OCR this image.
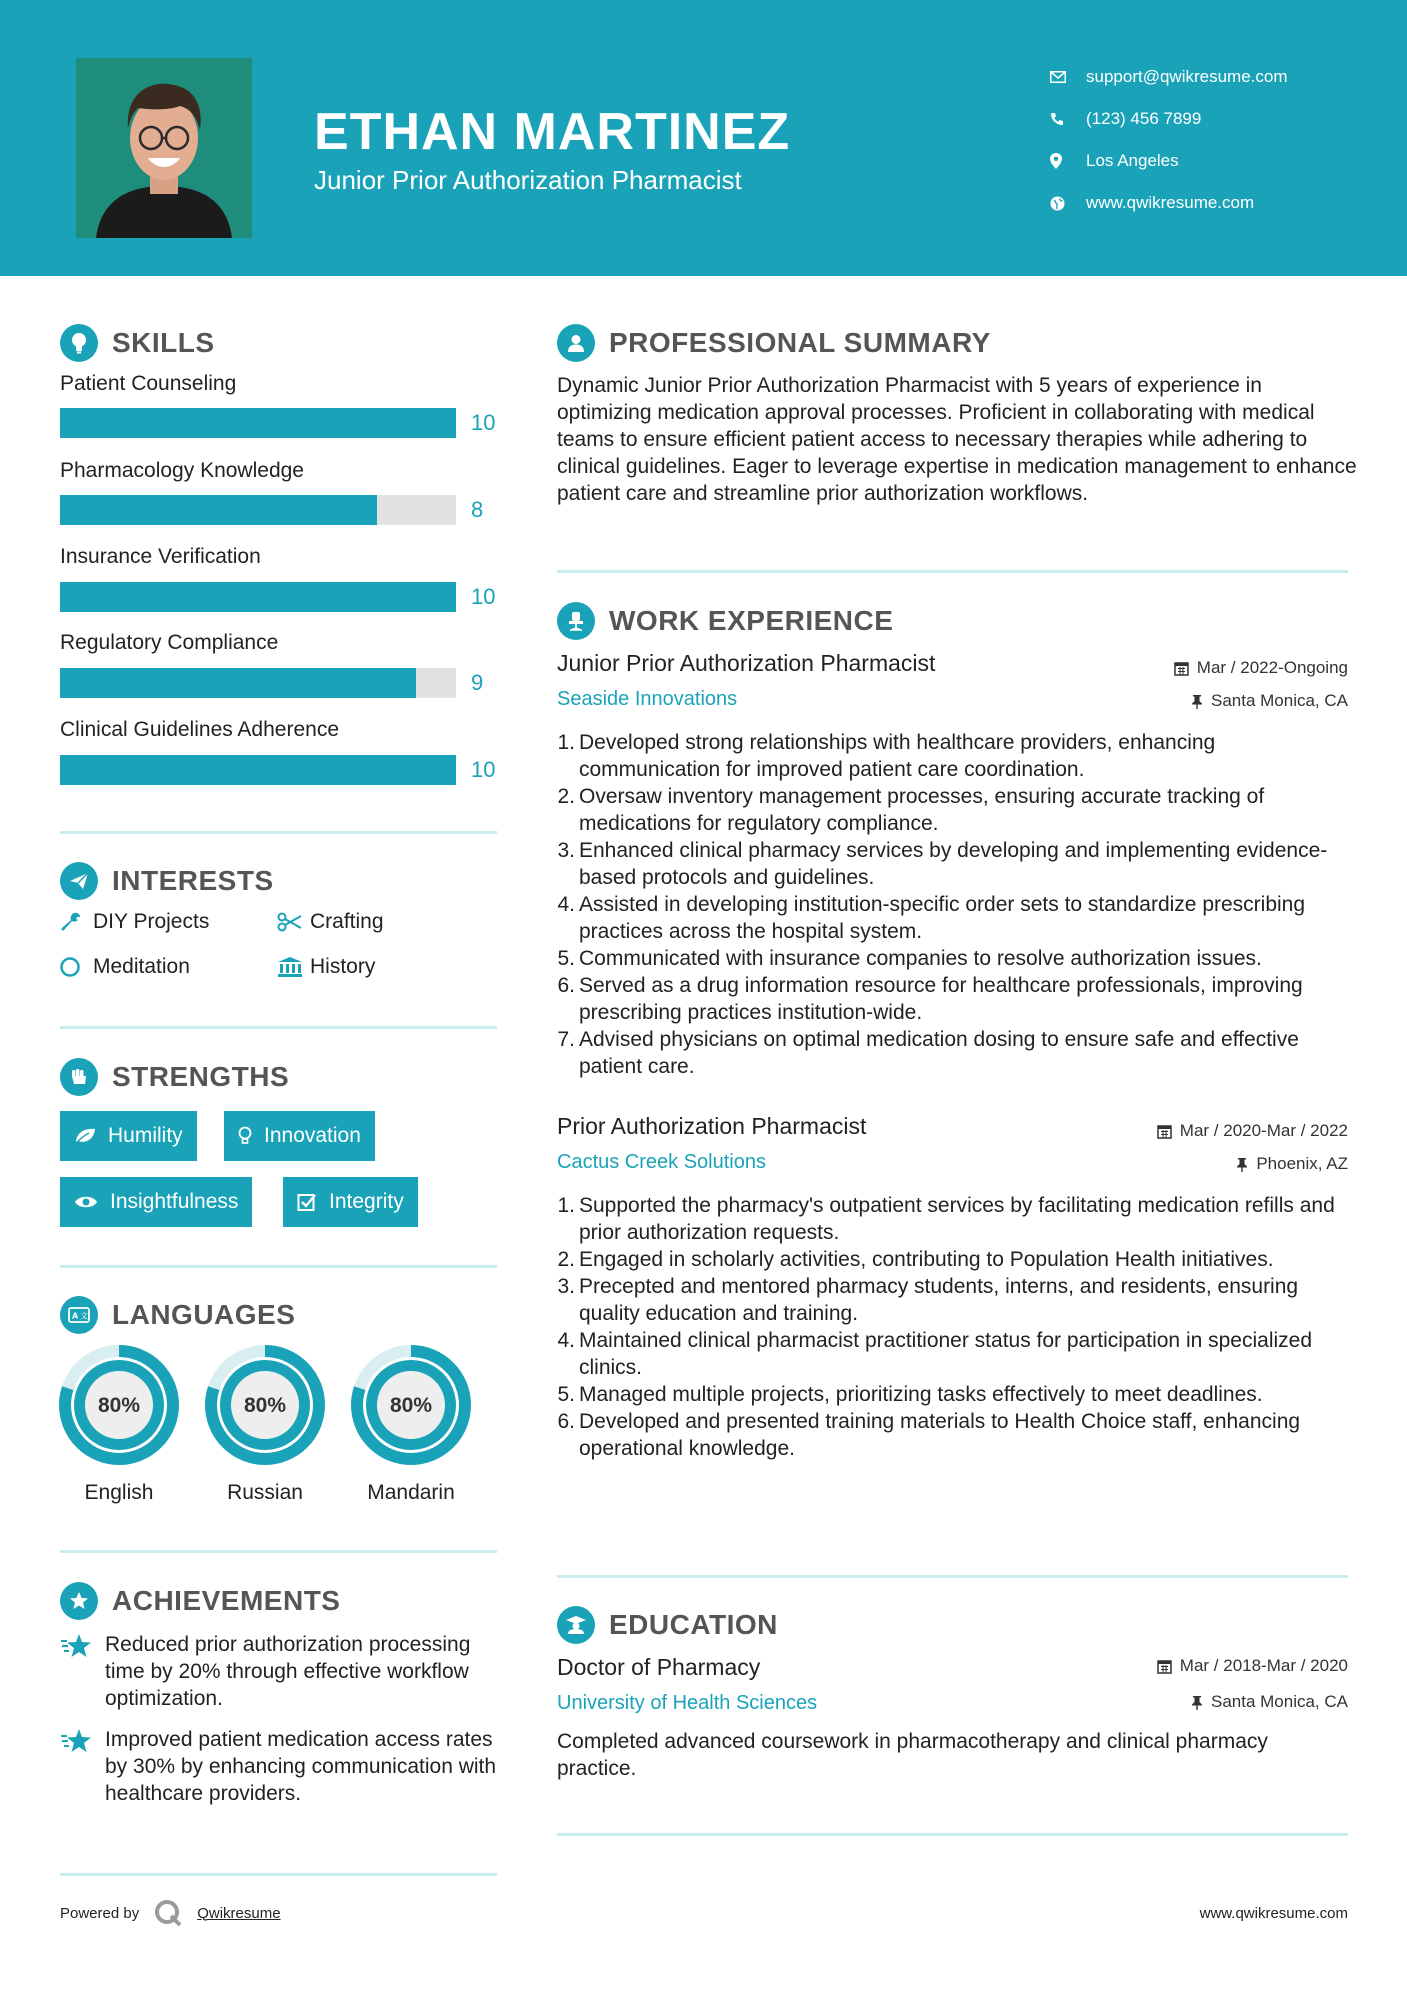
ETHAN MARTINEZ
Junior Prior Authorization Pharmacist
support@qwikresume.com
(123) 456 7899
Los Angeles
www.qwikresume.com
SKILLS
Patient Counseling
10
Pharmacology Knowledge
8
Insurance Verification
10
Regulatory Compliance
9
Clinical Guidelines Adherence
10
INTERESTS
DIY Projects	Crafting
Meditation	History
STRENGTHS
Humility	Innovation
Insightfulness	Integrity
A 文 LANGUAGES
80%
English
80%
Russian
80%
Mandarin
ACHIEVEMENTS
Reduced prior authorization processing time by 20% through effective workflow optimization.
Improved patient medication access rates by 30% by enhancing communication with healthcare providers.
PROFESSIONAL SUMMARY
Dynamic Junior Prior Authorization Pharmacist with 5 years of experience in optimizing medication approval processes. Proficient in collaborating with medical teams to ensure efficient patient access to necessary therapies while adhering to clinical guidelines. Eager to leverage expertise in medication management to enhance patient care and streamline prior authorization workflows.
WORK EXPERIENCE
Junior Prior Authorization Pharmacist	Mar / 2022-Ongoing
Seaside Innovations	Santa Monica, CA
1. Developed strong relationships with healthcare providers, enhancing communication for improved patient care coordination.
2. Oversaw inventory management processes, ensuring accurate tracking of medications for regulatory compliance.
3. Enhanced clinical pharmacy services by developing and implementing evidence-based protocols and guidelines.
4. Assisted in developing institution-specific order sets to standardize prescribing practices across the hospital system.
5. Communicated with insurance companies to resolve authorization issues.
6. Served as a drug information resource for healthcare professionals, improving prescribing practices institution-wide.
7. Advised physicians on optimal medication dosing to ensure safe and effective patient care.
Prior Authorization Pharmacist	Mar / 2020-Mar / 2022
Cactus Creek Solutions	Phoenix, AZ
1. Supported the pharmacy's outpatient services by facilitating medication refills and prior authorization requests.
2. Engaged in scholarly activities, contributing to Population Health initiatives.
3. Precepted and mentored pharmacy students, interns, and residents, ensuring quality education and training.
4. Maintained clinical pharmacist practitioner status for participation in specialized clinics.
5. Managed multiple projects, prioritizing tasks effectively to meet deadlines.
6. Developed and presented training materials to Health Choice staff, enhancing operational knowledge.
EDUCATION
Doctor of Pharmacy	Mar / 2018-Mar / 2020
University of Health Sciences	Santa Monica, CA
Completed advanced coursework in pharmacotherapy and clinical pharmacy practice.
Powered by	Qwikresume	www.qwikresume.com
